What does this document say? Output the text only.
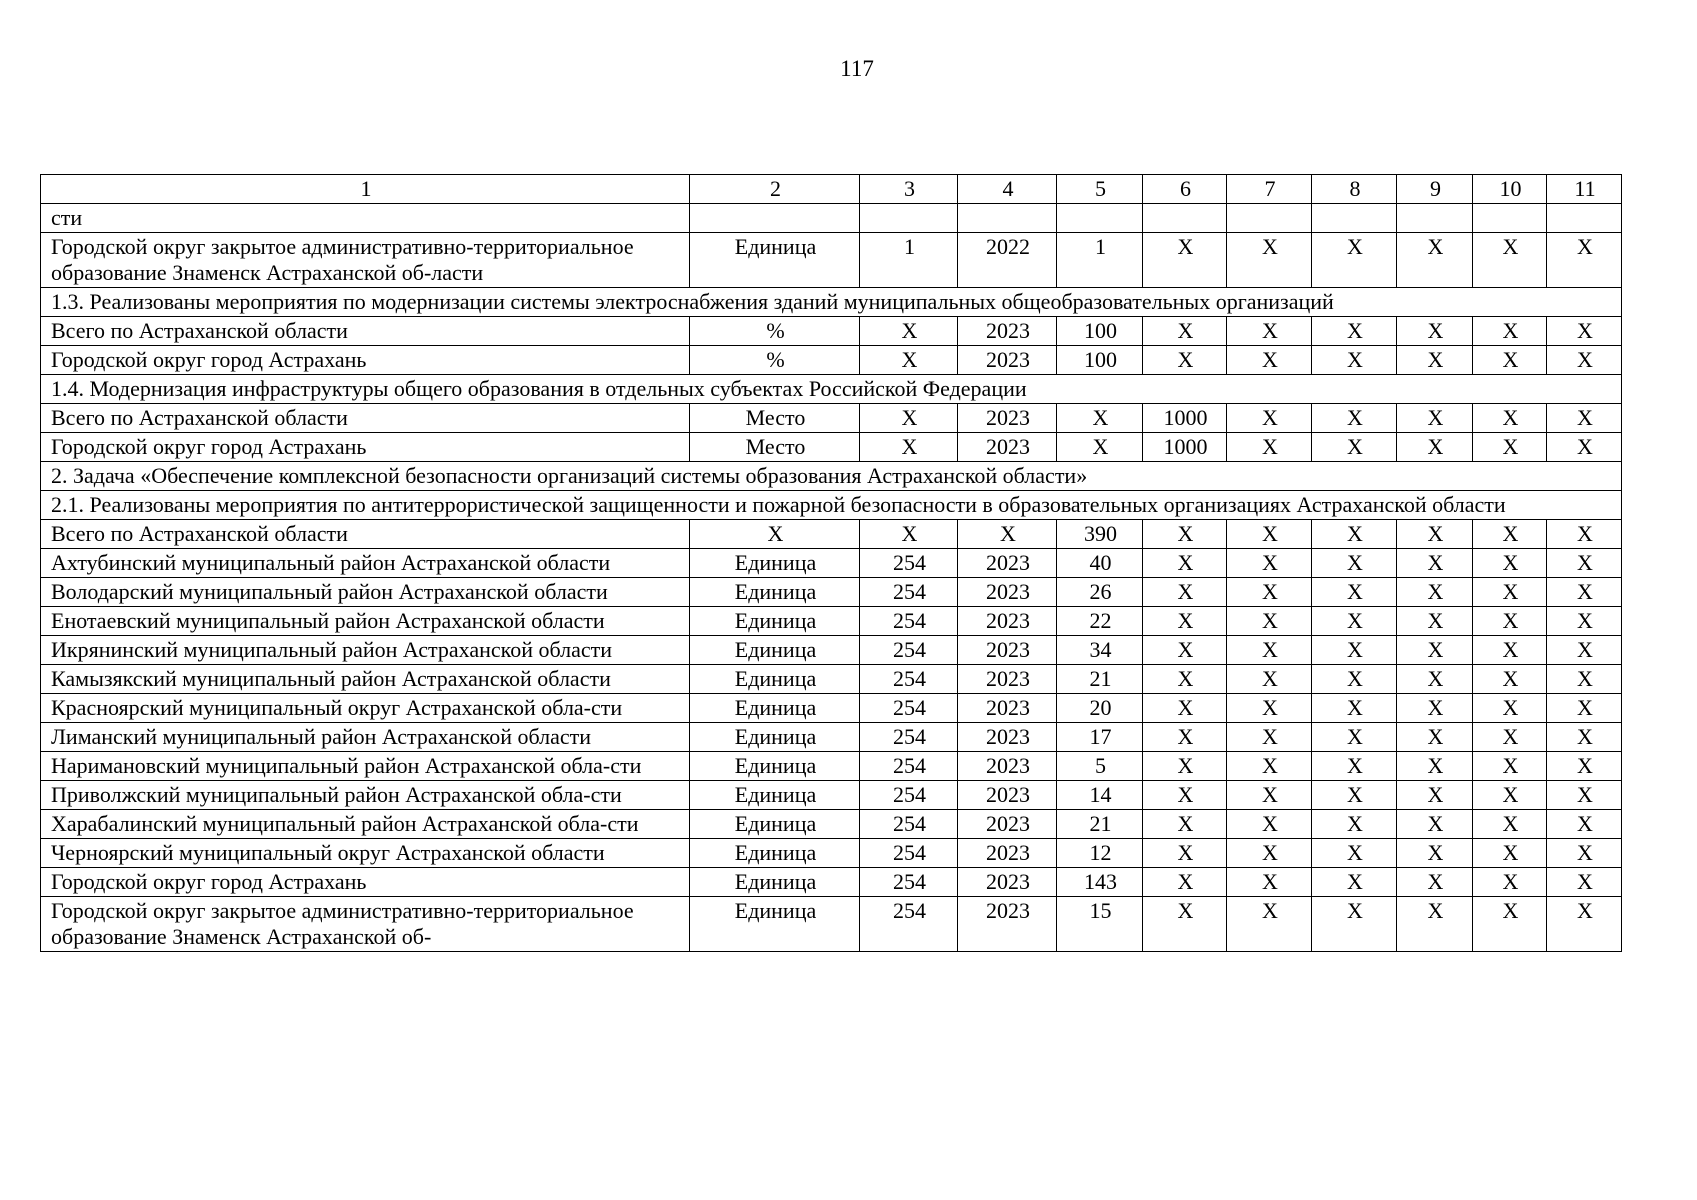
117
1	2	3	4	5	6	7	8	9	10	11
сти										
Городской округ закрытое административно-территориальное образование Знаменск Астраханской об-ласти	Единица	1	2022	1	X	X	X	X	X	X
1.3. Реализованы мероприятия по модернизации системы электроснабжения зданий муниципальных общеобразовательных организаций										
Всего по Астраханской области	%	X	2023	100	X	X	X	X	X	X
Городской округ город Астрахань	%	X	2023	100	X	X	X	X	X	X
1.4. Модернизация инфраструктуры общего образования в отдельных субъектах Российской Федерации										
Всего по Астраханской области	Место	X	2023	X	1000	X	X	X	X	X
Городской округ город Астрахань	Место	X	2023	X	1000	X	X	X	X	X
2. Задача «Обеспечение комплексной безопасности организаций системы образования Астраханской области»										
2.1. Реализованы мероприятия по антитеррористической защищенности и пожарной безопасности в образовательных организациях Астраханской области										
Всего по Астраханской области	X	X	X	390	X	X	X	X	X	X
Ахтубинский муниципальный район Астраханской области	Единица	254	2023	40	X	X	X	X	X	X
Володарский муниципальный район Астраханской области	Единица	254	2023	26	X	X	X	X	X	X
Енотаевский муниципальный район Астраханской области	Единица	254	2023	22	X	X	X	X	X	X
Икрянинский муниципальный район Астраханской области	Единица	254	2023	34	X	X	X	X	X	X
Камызякский муниципальный район Астраханской области	Единица	254	2023	21	X	X	X	X	X	X
Красноярский муниципальный округ Астраханской обла-сти	Единица	254	2023	20	X	X	X	X	X	X
Лиманский муниципальный район Астраханской области	Единица	254	2023	17	X	X	X	X	X	X
Наримановский муниципальный район Астраханской обла-сти	Единица	254	2023	5	X	X	X	X	X	X
Приволжский муниципальный район Астраханской обла-сти	Единица	254	2023	14	X	X	X	X	X	X
Харабалинский муниципальный район Астраханской обла-сти	Единица	254	2023	21	X	X	X	X	X	X
Черноярский муниципальный округ Астраханской области	Единица	254	2023	12	X	X	X	X	X	X
Городской округ город Астрахань	Единица	254	2023	143	X	X	X	X	X	X
Городской округ закрытое административно-территориальное образование Знаменск Астраханской об-	Единица	254	2023	15	X	X	X	X	X	X
